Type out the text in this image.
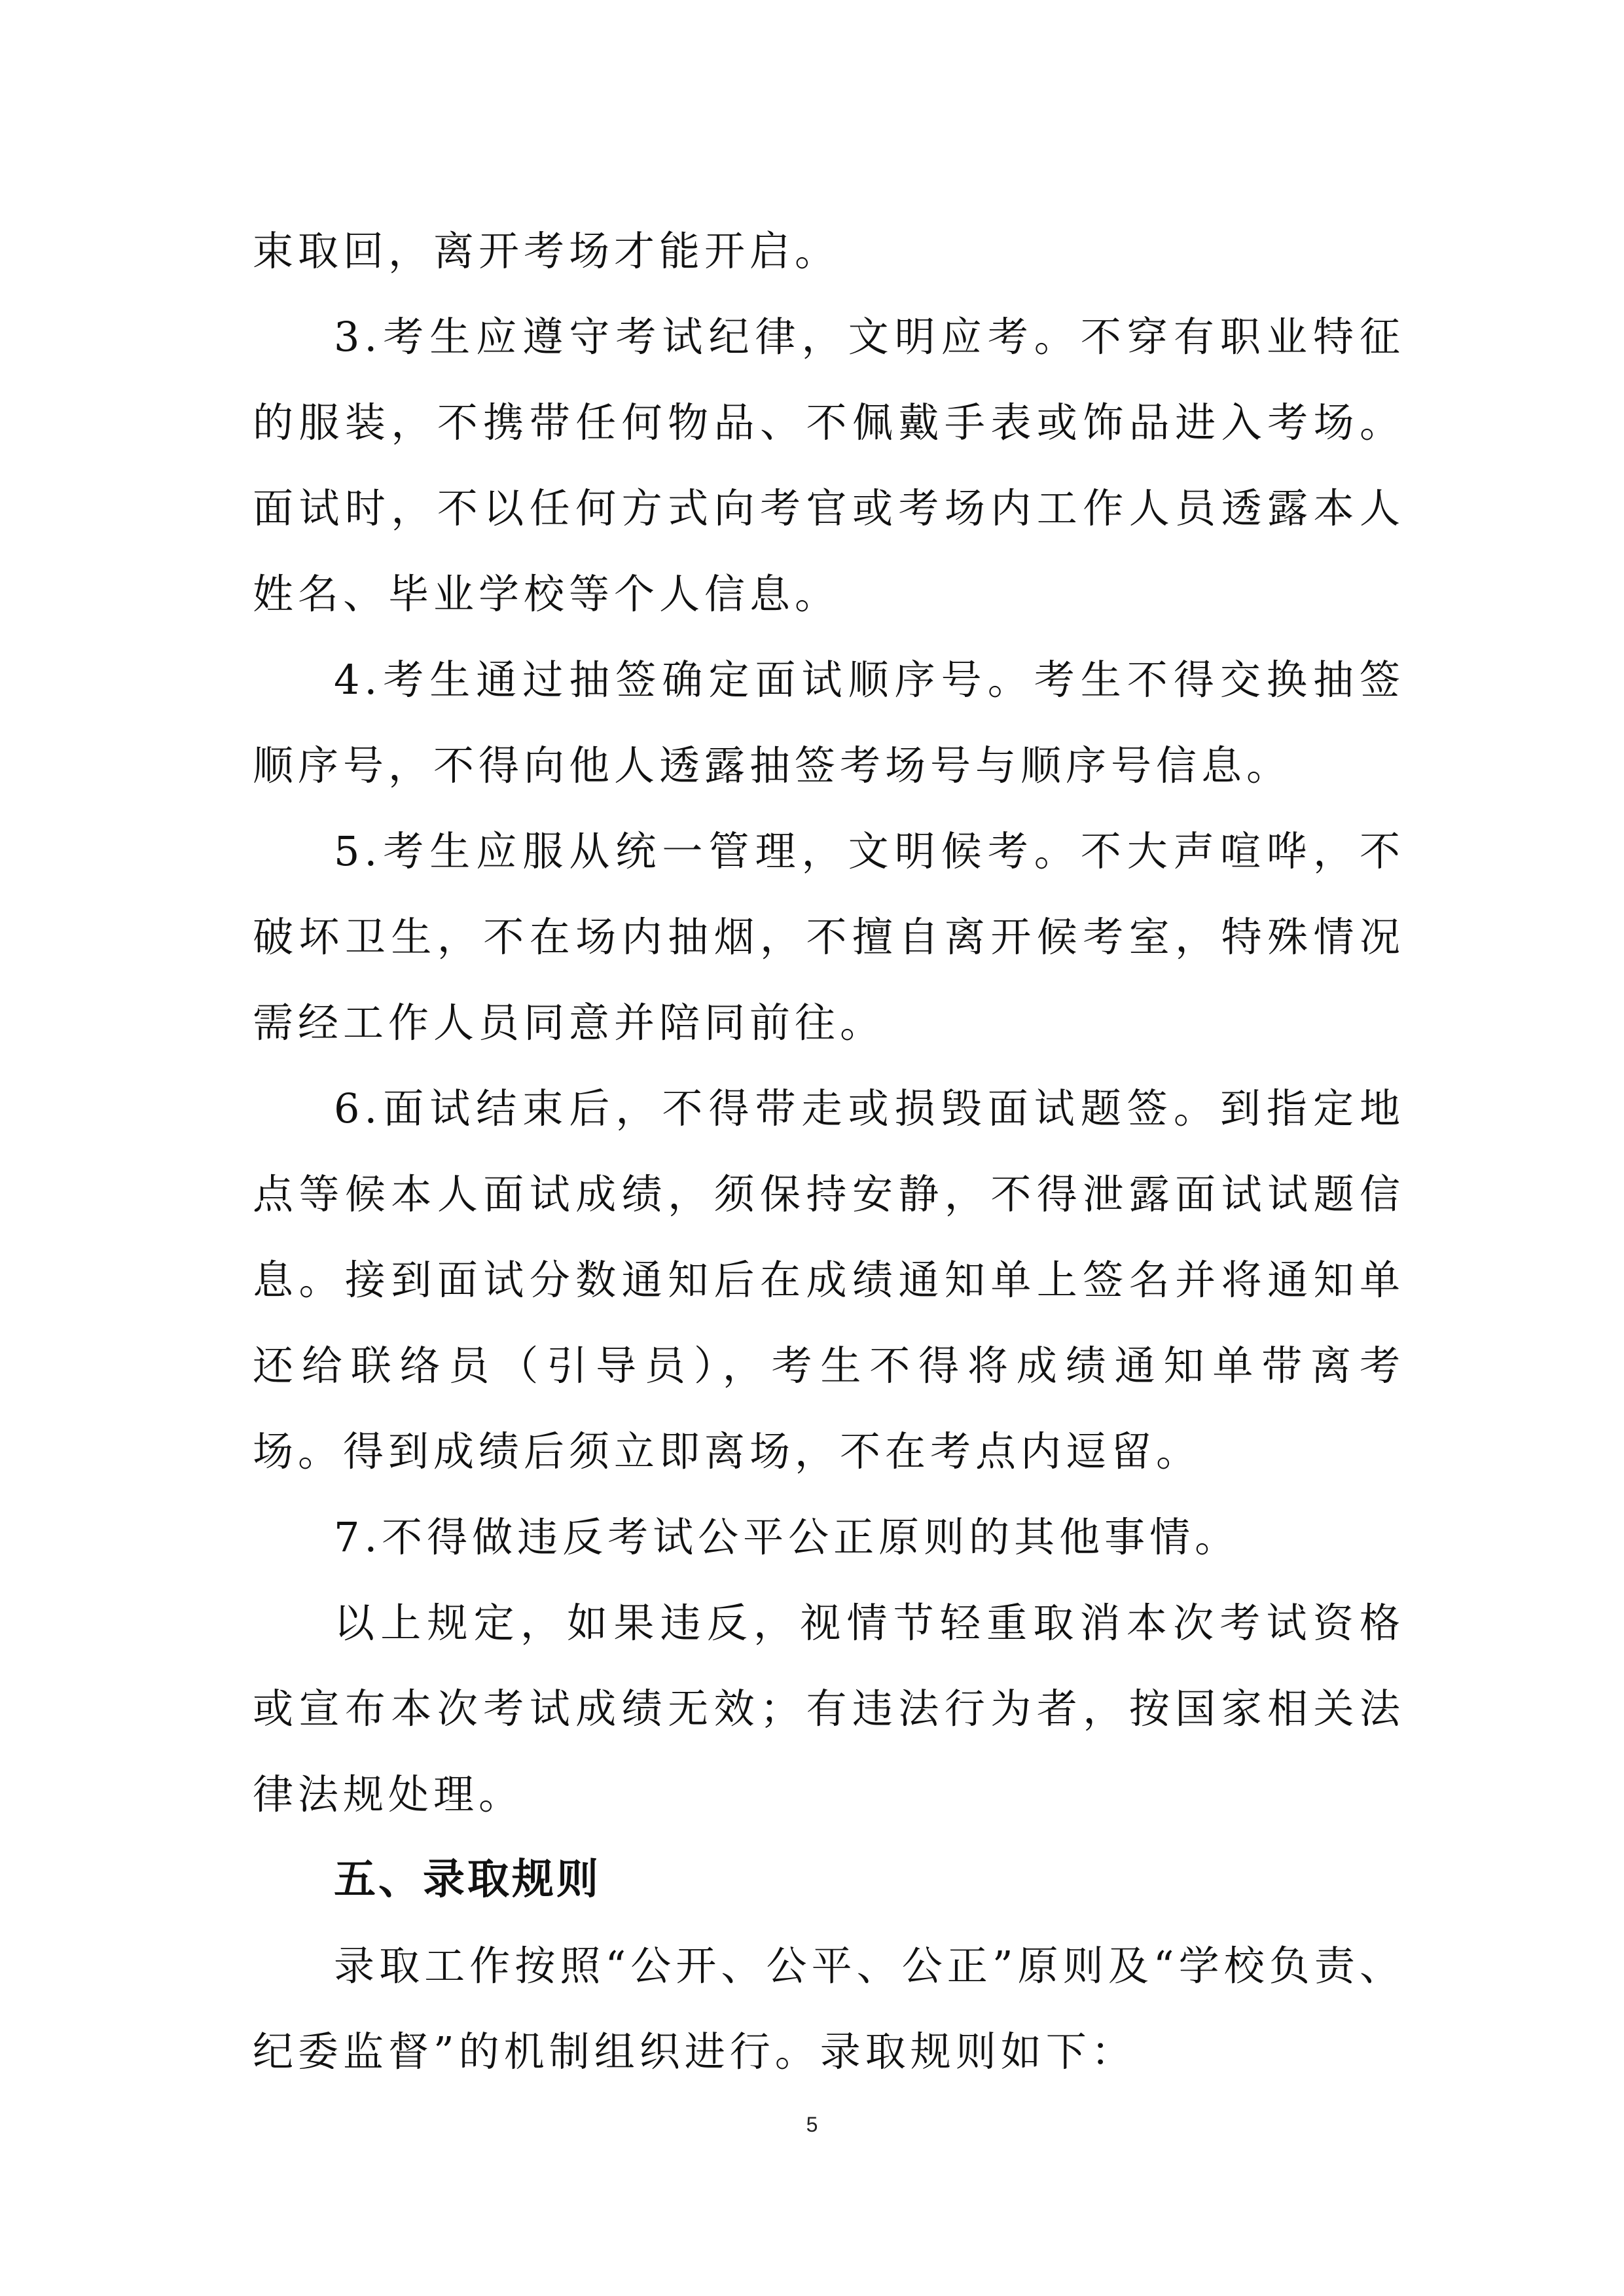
束取回，离开考场才能开启。

3.考生应遵守考试纪律，文明应考。不穿有职业特征的服装，不携带任何物品、不佩戴手表或饰品进入考场。面试时，不以任何方式向考官或考场内工作人员透露本人姓名、毕业学校等个人信息。

4.考生通过抽签确定面试顺序号。考生不得交换抽签顺序号，不得向他人透露抽签考场号与顺序号信息。

5.考生应服从统一管理，文明候考。不大声喧哗，不破坏卫生，不在场内抽烟，不擅自离开候考室，特殊情况需经工作人员同意并陪同前往。

6.面试结束后，不得带走或损毁面试题签。到指定地点等候本人面试成绩，须保持安静，不得泄露面试试题信息。接到面试分数通知后在成绩通知单上签名并将通知单还给联络员（引导员），考生不得将成绩通知单带离考场。得到成绩后须立即离场，不在考点内逗留。

7.不得做违反考试公平公正原则的其他事情。

以上规定，如果违反，视情节轻重取消本次考试资格或宣布本次考试成绩无效；有违法行为者，按国家相关法律法规处理。

五、录取规则

录取工作按照“公开、公平、公正”原则及“学校负责、纪委监督”的机制组织进行。录取规则如下：

5
